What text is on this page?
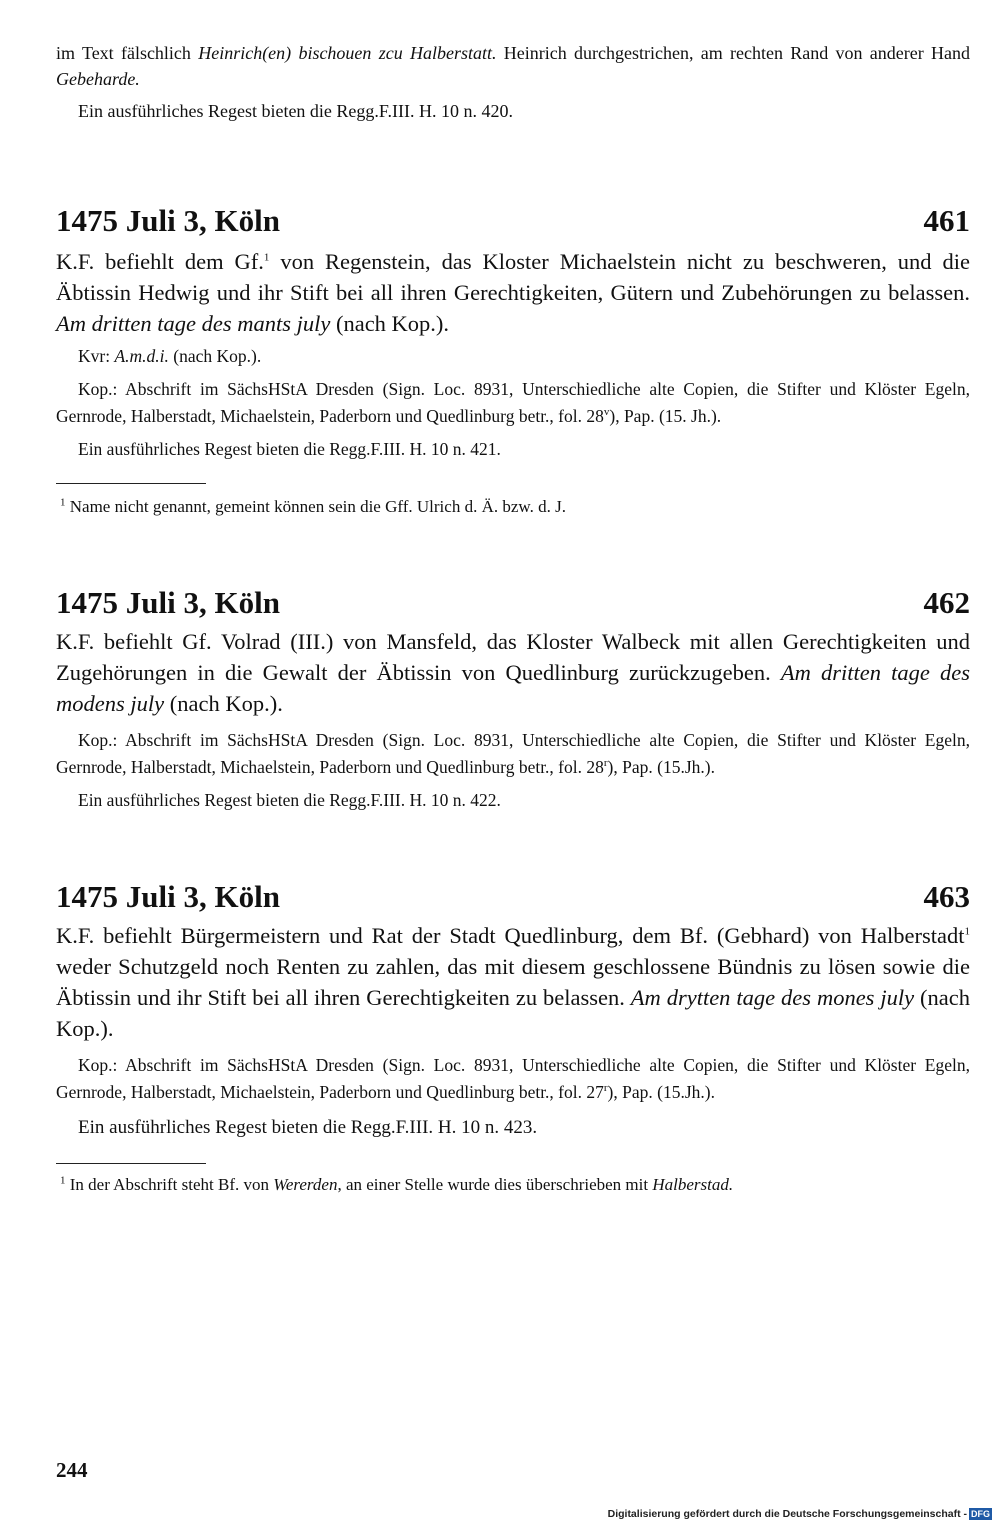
im Text fälschlich Heinrich(en) bischouen zcu Halberstatt. Heinrich durchgestrichen, am rechten Rand von anderer Hand Gebeharde.

Ein ausführliches Regest bieten die Regg.F.III. H. 10 n. 420.

1475 Juli 3, Köln	461

K.F. befiehlt dem Gf.$^1$ von Regenstein, das Kloster Michaelstein nicht zu beschweren, und die Äbtissin Hedwig und ihr Stift bei all ihren Gerechtigkeiten, Gütern und Zubehörungen zu belassen. Am dritten tage des mants july (nach Kop.).

Kvr: A.m.d.i. (nach Kop.).

Kop.: Abschrift im SächsHStA Dresden (Sign. Loc. 8931, Unterschiedliche alte Copien, die Stifter und Klöster Egeln, Gernrode, Halberstadt, Michaelstein, Paderborn und Quedlinburg betr., fol. 28$^v$), Pap. (15. Jh.).

Ein ausführliches Regest bieten die Regg.F.III. H. 10 n. 421.

$^1$ Name nicht genannt, gemeint können sein die Gff. Ulrich d. Ä. bzw. d. J.

1475 Juli 3, Köln	462

K.F. befiehlt Gf. Volrad (III.) von Mansfeld, das Kloster Walbeck mit allen Gerechtigkeiten und Zugehörungen in die Gewalt der Äbtissin von Quedlinburg zurückzugeben. Am dritten tage des modens july (nach Kop.).

Kop.: Abschrift im SächsHStA Dresden (Sign. Loc. 8931, Unterschiedliche alte Copien, die Stifter und Klöster Egeln, Gernrode, Halberstadt, Michaelstein, Paderborn und Quedlinburg betr., fol. 28$^r$), Pap. (15.Jh.).

Ein ausführliches Regest bieten die Regg.F.III. H. 10 n. 422.

1475 Juli 3, Köln	463

K.F. befiehlt Bürgermeistern und Rat der Stadt Quedlinburg, dem Bf. (Gebhard) von Halberstadt$^1$ weder Schutzgeld noch Renten zu zahlen, das mit diesem geschlossene Bündnis zu lösen sowie die Äbtissin und ihr Stift bei all ihren Gerechtigkeiten zu belassen. Am drytten tage des mones july (nach Kop.).

Kop.: Abschrift im SächsHStA Dresden (Sign. Loc. 8931, Unterschiedliche alte Copien, die Stifter und Klöster Egeln, Gernrode, Halberstadt, Michaelstein, Paderborn und Quedlinburg betr., fol. 27$^r$), Pap. (15.Jh.).

Ein ausführliches Regest bieten die Regg.F.III. H. 10 n. 423.

$^1$ In der Abschrift steht Bf. von Wererden, an einer Stelle wurde dies überschrieben mit Halberstad.

244
Digitalisierung gefördert durch die Deutsche Forschungsgemeinschaft - DFG
